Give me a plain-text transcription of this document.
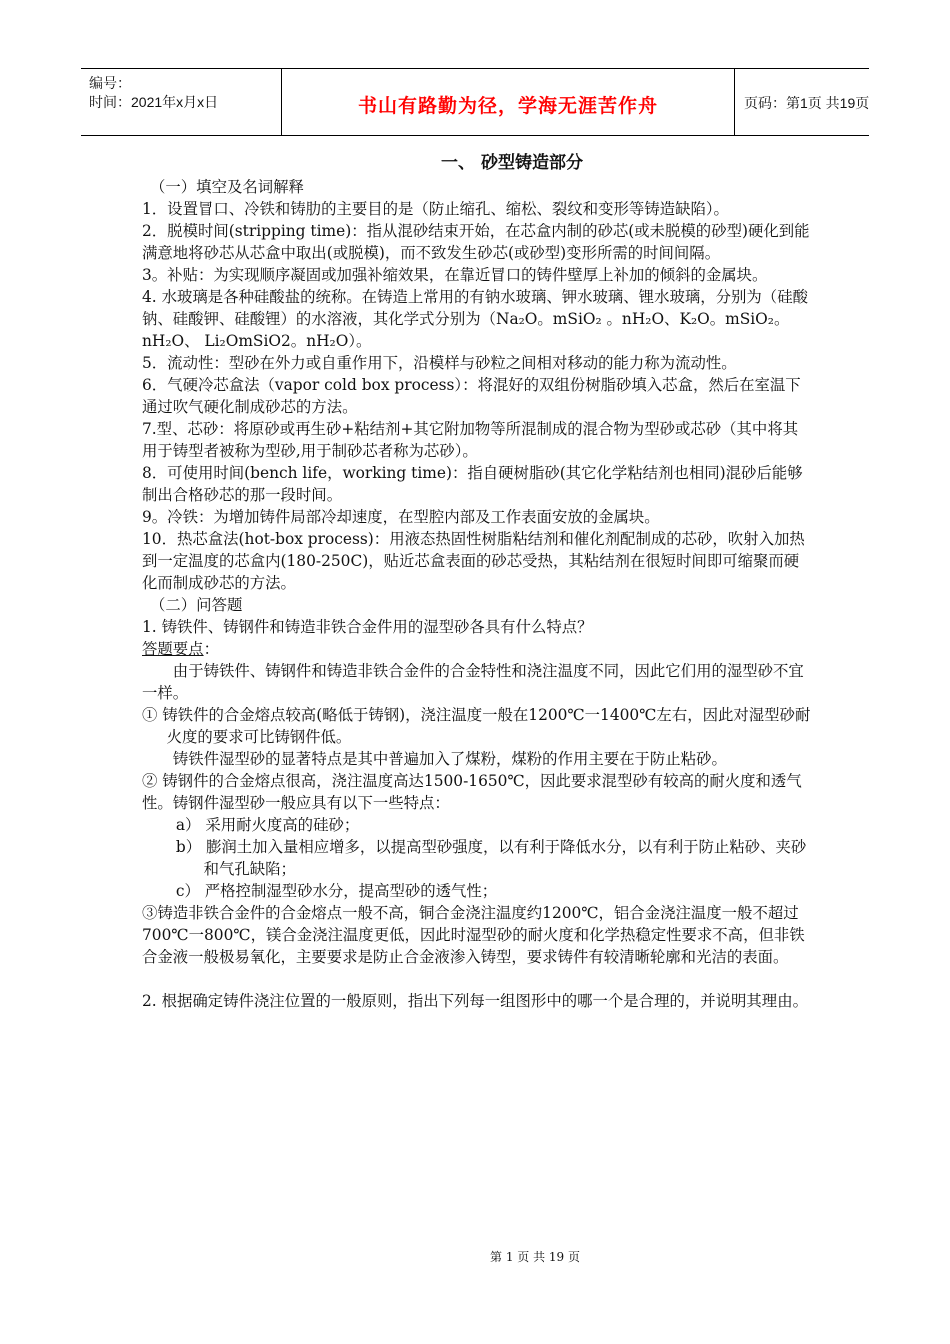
编号：
时间：2021年x月x日	书山有路勤为径，学海无涯苦作舟	页码：第1页 共19页
一、 砂型铸造部分

（一）填空及名词解释

1．设置冒口、冷铁和铸肋的主要目的是（防止缩孔、缩松、裂纹和变形等铸造缺陷）。

2．脱模时间(stripping time)：指从混砂结束开始，在芯盒内制的砂芯(或未脱模的砂型)硬化到能满意地将砂芯从芯盒中取出(或脱模)，而不致发生砂芯(或砂型)变形所需的时间间隔。

3。补贴：为实现顺序凝固或加强补缩效果，在靠近冒口的铸件壁厚上补加的倾斜的金属块。

4. 水玻璃是各种硅酸盐的统称。在铸造上常用的有钠水玻璃、钾水玻璃、锂水玻璃，分别为（硅酸钠、硅酸钾、硅酸锂）的水溶液，其化学式分别为（Na₂O。mSiO₂ 。nH₂O、K₂O。mSiO₂。nH₂O、 Li₂OmSiO2。nH₂O）。

5．流动性：型砂在外力或自重作用下，沿模样与砂粒之间相对移动的能力称为流动性。

6．气硬冷芯盒法（vapor cold box process）：将混好的双组份树脂砂填入芯盒，然后在室温下通过吹气硬化制成砂芯的方法。

7.型、芯砂：将原砂或再生砂+粘结剂+其它附加物等所混制成的混合物为型砂或芯砂（其中将其用于铸型者被称为型砂,用于制砂芯者称为芯砂）。

8．可使用时间(bench life，working time)：指自硬树脂砂(其它化学粘结剂也相同)混砂后能够制出合格砂芯的那一段时间。

9。冷铁：为增加铸件局部冷却速度，在型腔内部及工作表面安放的金属块。

10．热芯盒法(hot-box process)：用液态热固性树脂粘结剂和催化剂配制成的芯砂，吹射入加热到一定温度的芯盒内(180-250C)，贴近芯盒表面的砂芯受热，其粘结剂在很短时间即可缩聚而硬化而制成砂芯的方法。

（二）问答题

1. 铸铁件、铸钢件和铸造非铁合金件用的湿型砂各具有什么特点？

答题要点：

由于铸铁件、铸钢件和铸造非铁合金件的合金特性和浇注温度不同，因此它们用的湿型砂不宜一样。

① 铸铁件的合金熔点较高(略低于铸钢)，浇注温度一般在1200℃一1400℃左右，因此对湿型砂耐火度的要求可比铸钢件低。

铸铁件湿型砂的显著特点是其中普遍加入了煤粉，煤粉的作用主要在于防止粘砂。

② 铸钢件的合金熔点很高，浇注温度高达1500-1650℃，因此要求混型砂有较高的耐火度和透气性。铸钢件湿型砂一般应具有以下一些特点：

a） 采用耐火度高的硅砂；

b） 膨润土加入量相应增多，以提高型砂强度，以有利于降低水分，以有利于防止粘砂、夹砂和气孔缺陷；

c） 严格控制湿型砂水分，提高型砂的透气性；

③铸造非铁合金件的合金熔点一般不高，铜合金浇注温度约1200℃，铝合金浇注温度一般不超过700℃一800℃，镁合金浇注温度更低，因此时湿型砂的耐火度和化学热稳定性要求不高，但非铁合金液一般极易氧化，主要要求是防止合金液渗入铸型，要求铸件有较清晰轮廓和光洁的表面。

2. 根据确定铸件浇注位置的一般原则，指出下列每一组图形中的哪一个是合理的，并说明其理由。

第 1 页 共 19 页
